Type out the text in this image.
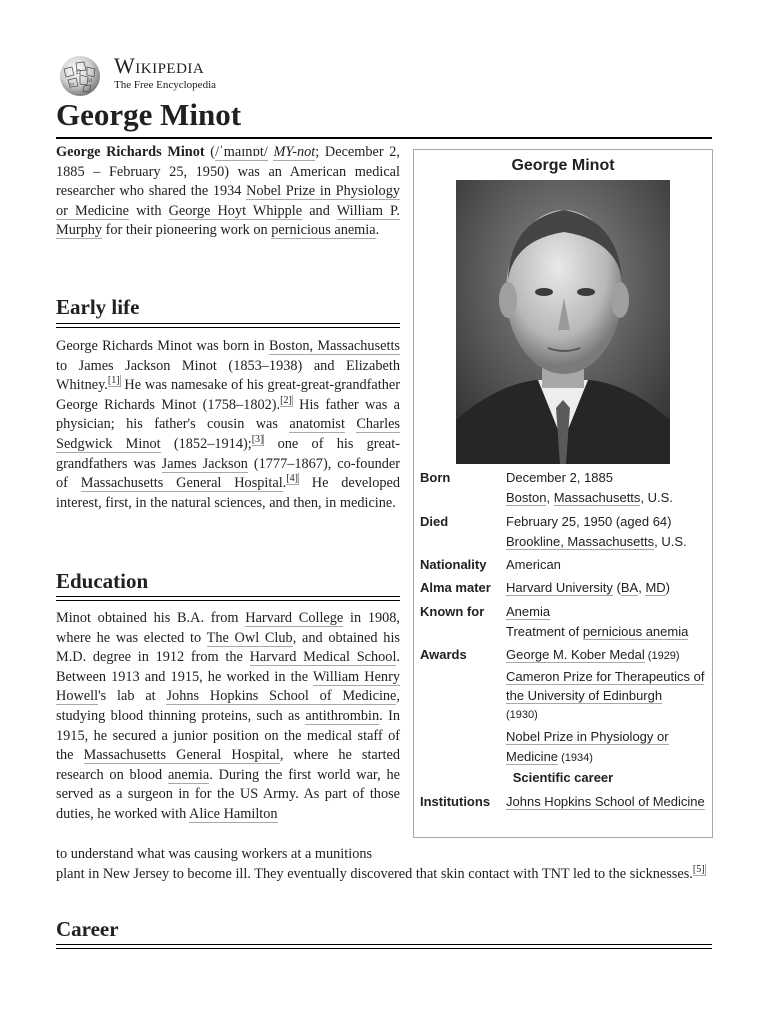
Ω
И
ω
Wikipedia
The Free Encyclopedia
George Minot

George Richards Minot (/ˈmaɪnɒt/ MY-not; December 2, 1885 – February 25, 1950) was an American medical researcher who shared the 1934 Nobel Prize in Physiology or Medicine with George Hoyt Whipple and William P. Murphy for their pioneering work on pernicious anemia.

Early life

George Richards Minot was born in Boston, Massachusetts to James Jackson Minot (1853–1938) and Elizabeth Whitney.[1] He was namesake of his great-great-grandfather George Richards Minot (1758–1802).[2] His father was a physician; his father's cousin was anatomist Charles Sedgwick Minot (1852–1914);[3] one of his great-grandfathers was James Jackson (1777–1867), co-founder of Massachusetts General Hospital.[4] He developed interest, first, in the natural sciences, and then, in medicine.

Education

Minot obtained his B.A. from Harvard College in 1908, where he was elected to The Owl Club, and obtained his M.D. degree in 1912 from the Harvard Medical School. Between 1913 and 1915, he worked in the William Henry Howell's lab at Johns Hopkins School of Medicine, studying blood thinning proteins, such as antithrombin. In 1915, he secured a junior position on the medical staff of the Massachusetts General Hospital, where he started research on blood anemia. During the first world war, he served as a surgeon in for the US Army. As part of those duties, he worked with Alice Hamilton

to understand what was causing workers at a munitions plant in New Jersey to become ill. They eventually discovered that skin contact with TNT led to the sicknesses.[5]

Career
George Minot
Born	December 2, 1885
Boston, Massachusetts, U.S.
Died	February 25, 1950 (aged 64)
Brookline, Massachusetts, U.S.
Nationality	American
Alma mater	Harvard University (BA, MD)
Known for	Anemia
Treatment of pernicious anemia
Awards	George M. Kober Medal (1929)
Cameron Prize for Therapeutics of the University of Edinburgh
(1930)
Nobel Prize in Physiology or Medicine (1934)
Scientific career
Institutions	Johns Hopkins School of Medicine
